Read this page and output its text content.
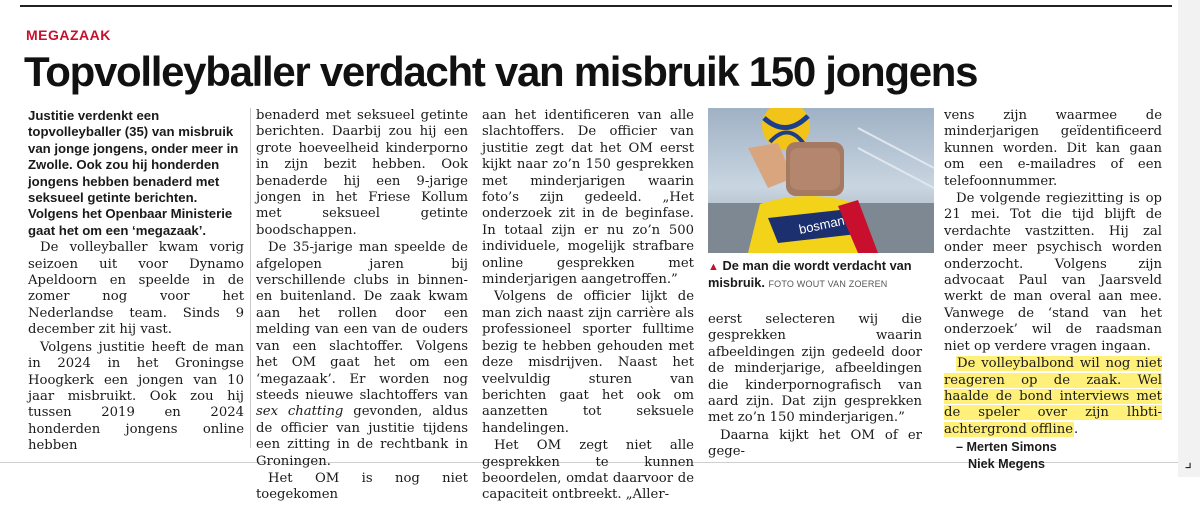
MEGAZAAK
Topvolleyballer verdacht van misbruik 150 jongens

Justitie verdenkt een topvolleyballer (35) van misbruik van jonge jongens, onder meer in Zwolle. Ook zou hij honderden jongens hebben benaderd met seksueel getinte berichten. Volgens het Openbaar Ministerie gaat het om een ‘megazaak’.

De volleyballer kwam vorig seizoen uit voor Dynamo Apeldoorn en speelde in de zomer nog voor het Nederlandse team. Sinds 9 december zit hij vast.

Volgens justitie heeft de man in 2024 in het Groningse Hoogkerk een jongen van 10 jaar misbruikt. Ook zou hij tussen 2019 en 2024 honderden jongens online hebben

benaderd met seksueel getinte berichten. Daarbij zou hij een grote hoeveelheid kinderporno in zijn bezit hebben. Ook benaderde hij een 9-jarige jongen in het Friese Kollum met seksueel getinte boodschappen.

De 35-jarige man speelde de afgelopen jaren bij verschillende clubs in binnen- en buitenland. De zaak kwam aan het rollen door een melding van een van de ouders van een slachtoffer. Volgens het OM gaat het om een ‘megazaak’. Er worden nog steeds nieuwe slachtoffers van sex chatting gevonden, aldus de officier van justitie tijdens een zitting in de rechtbank in Groningen.

Het OM is nog niet toegekomen

aan het identificeren van alle slachtoffers. De officier van justitie zegt dat het OM eerst kijkt naar zo’n 150 gesprekken met minderjarigen waarin foto’s zijn gedeeld. „Het onderzoek zit in de beginfase. In totaal zijn er nu zo’n 500 individuele, mogelijk strafbare online gesprekken met minderjarigen aangetroffen.”

Volgens de officier lijkt de man zich naast zijn carrière als professioneel sporter fulltime bezig te hebben gehouden met deze misdrijven. Naast het veelvuldig sturen van berichten gaat het ook om aanzetten tot seksuele handelingen.

Het OM zegt niet alle gesprekken te kunnen beoordelen, omdat daarvoor de capaciteit ontbreekt. „Aller-

bosman
▲ De man die wordt verdacht van misbruik. FOTO WOUT VAN ZOEREN

eerst selecteren wij die gesprekken waarin afbeeldingen zijn gedeeld door de minderjarige, afbeeldingen die kinderpornografisch van aard zijn. Dat zijn gesprekken met zo’n 150 minderjarigen.”

Daarna kijkt het OM of er gege-

vens zijn waarmee de minderjarigen geïdentificeerd kunnen worden. Dit kan gaan om een e-mailadres of een telefoonnummer.

De volgende regiezitting is op 21 mei. Tot die tijd blijft de verdachte vastzitten. Hij zal onder meer psychisch worden onderzocht. Volgens zijn advocaat Paul van Jaarsveld werkt de man overal aan mee. Vanwege de ‘stand van het onderzoek’ wil de raadsman niet op verdere vragen ingaan.

De volleybalbond wil nog niet reageren op de zaak. Wel haalde de bond interviews met de speler over zijn lhbti-achtergrond offline.

– Merten Simons

Niek Megens	⌟
